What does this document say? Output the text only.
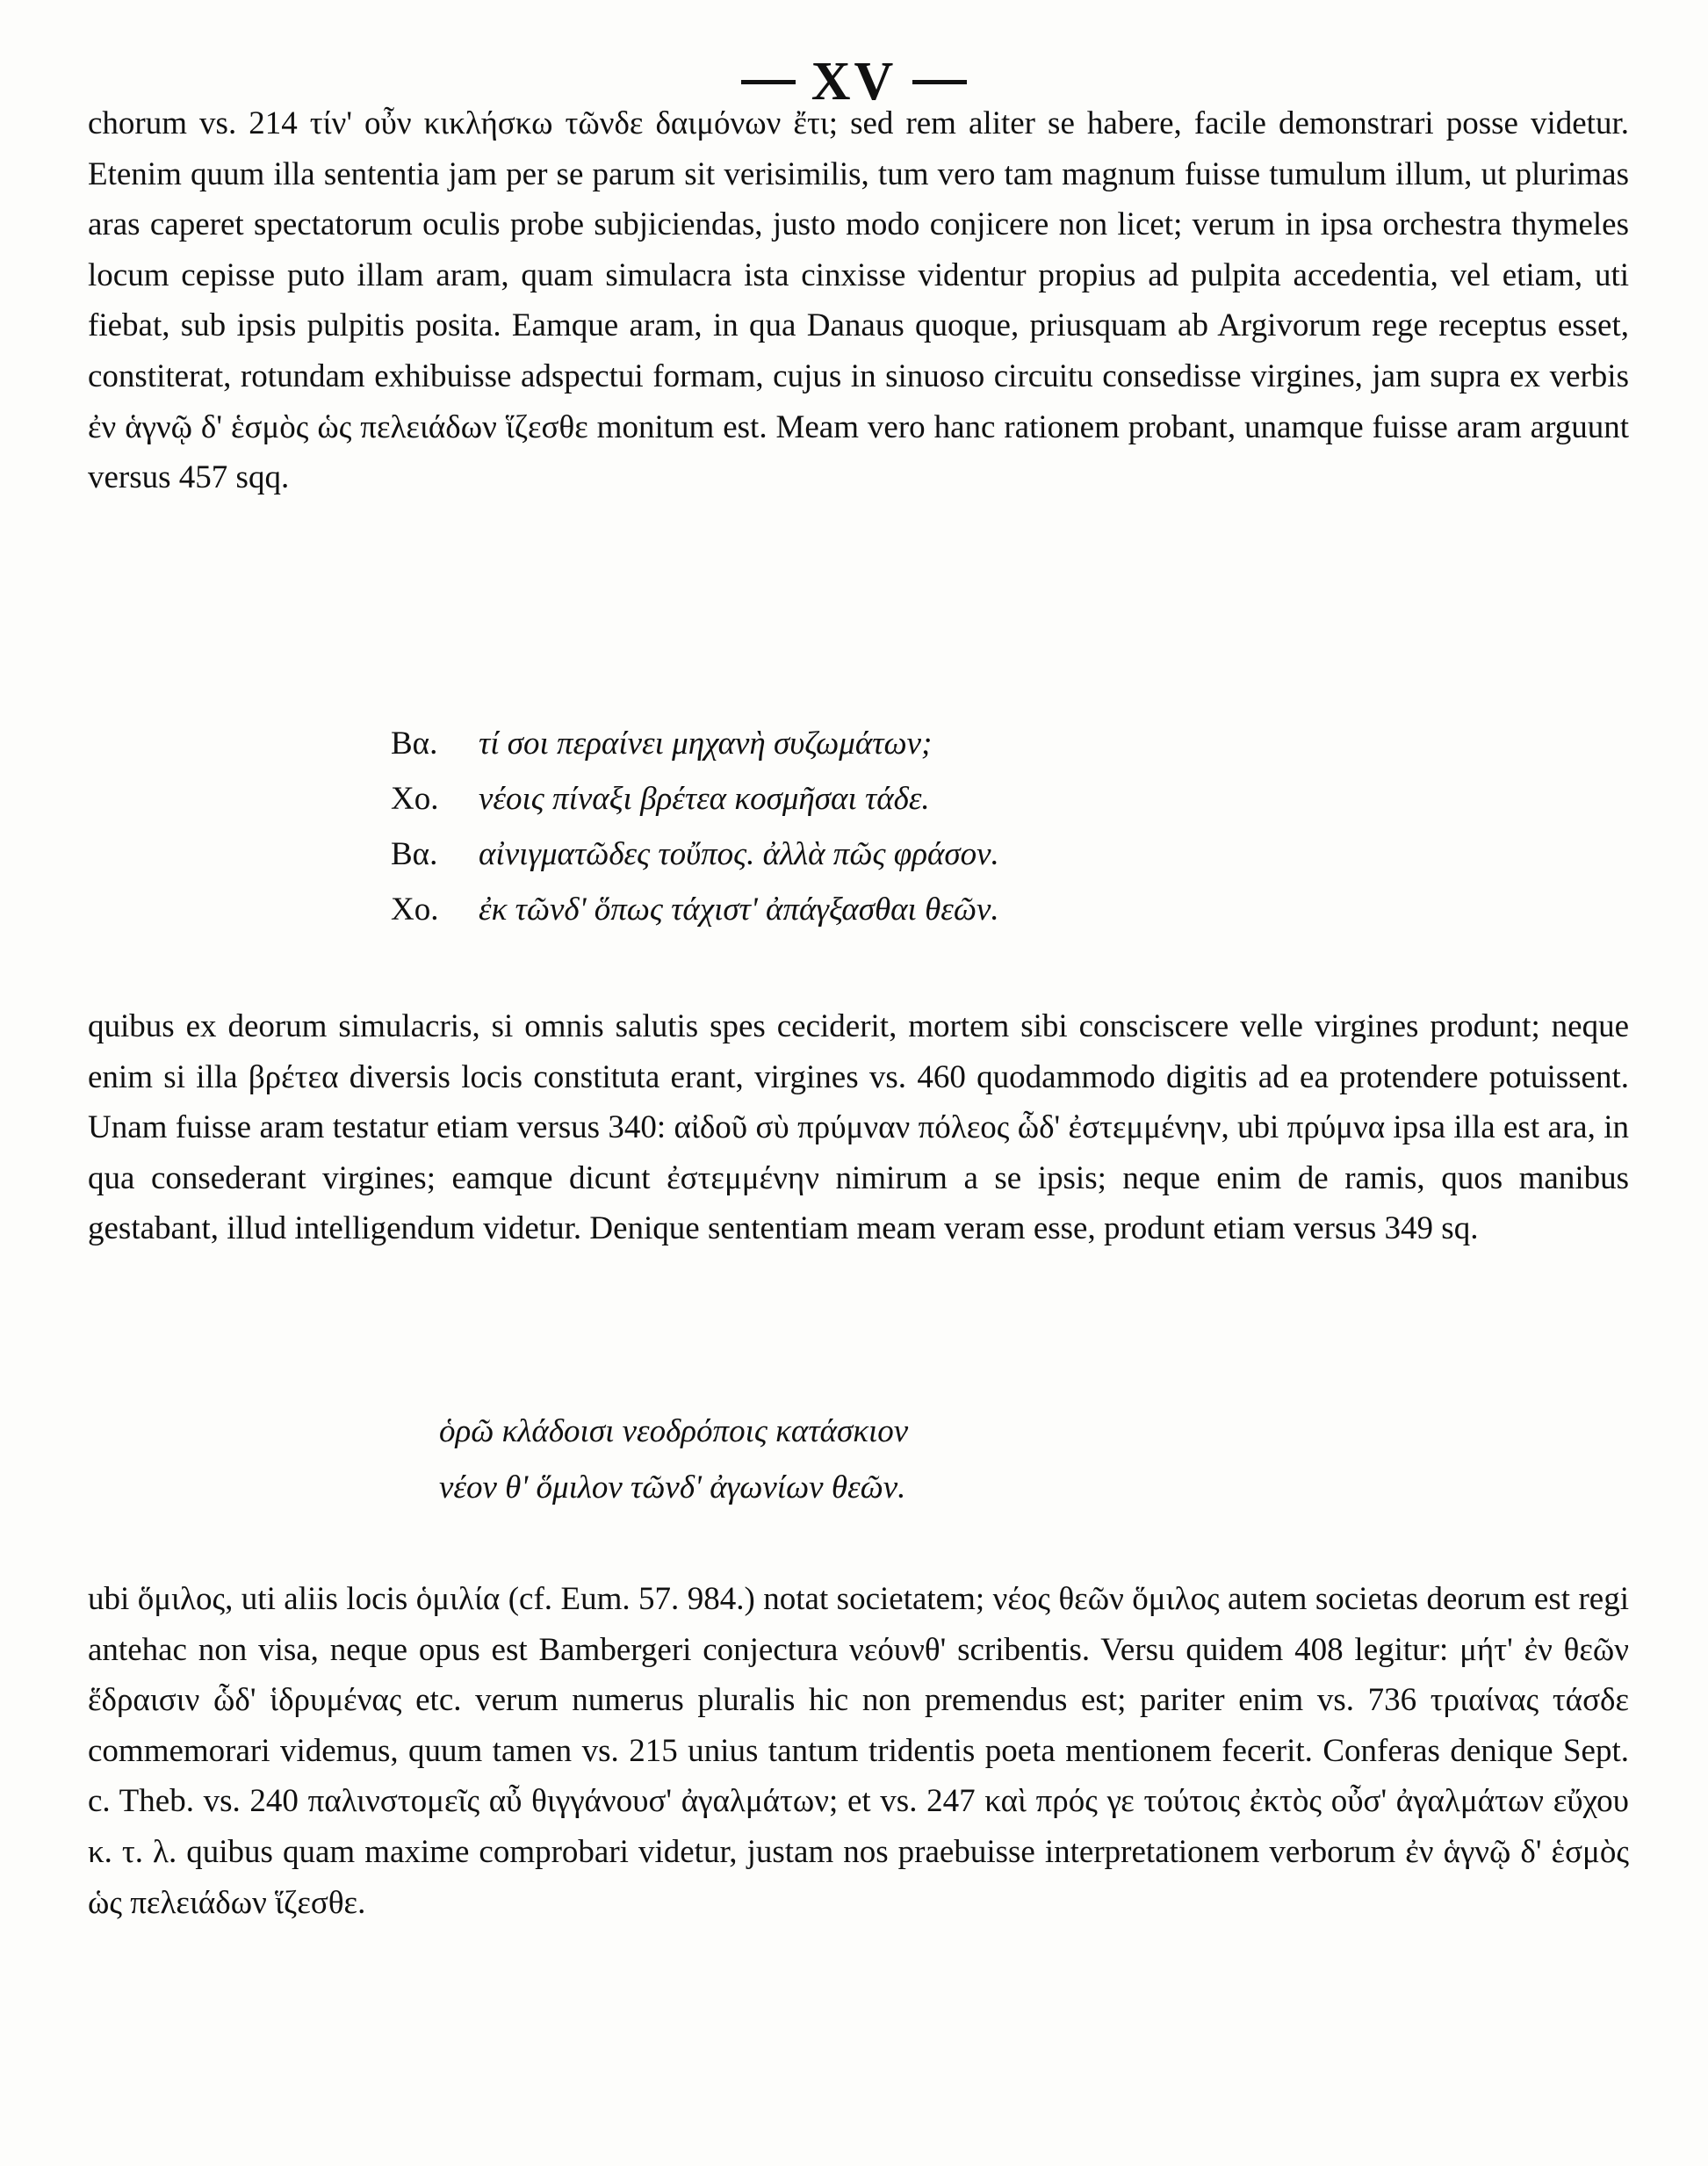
XV

chorum vs. 214 τίν' οὖν κικλήσκω τῶνδε δαιμόνων ἔτι; sed rem aliter se habere, facile demonstrari posse videtur. Etenim quum illa sententia jam per se parum sit verisimilis, tum vero tam magnum fuisse tumulum illum, ut plurimas aras caperet spectatorum oculis probe subjiciendas, justo modo conjicere non licet; verum in ipsa orchestra thymeles locum cepisse puto illam aram, quam simulacra ista cinxisse videntur propius ad pulpita accedentia, vel etiam, uti fiebat, sub ipsis pulpitis posita. Eamque aram, in qua Danaus quoque, priusquam ab Argivorum rege receptus esset, constiterat, rotundam exhibuisse adspectui formam, cujus in sinuoso circuitu consedisse virgines, jam supra ex verbis ἐν ἁγνῷ δ' ἑσμὸς ὡς πελειάδων ἵζεσθε monitum est. Meam vero hanc rationem probant, unamque fuisse aram arguunt versus 457 sqq.

Βα. τί σοι περαίνει μηχανὴ συζωμάτων;
Χο. νέοις πίναξι βρέτεα κοσμῆσαι τάδε.
Βα. αἰνιγματῶδες τοὔπος. ἀλλὰ πῶς φράσον.
Χο. ἐκ τῶνδ' ὅπως τάχιστ' ἀπάγξασθαι θεῶν.

quibus ex deorum simulacris, si omnis salutis spes ceciderit, mortem sibi consciscere velle virgines produnt; neque enim si illa βρέτεα diversis locis constituta erant, virgines vs. 460 quodammodo digitis ad ea protendere potuissent. Unam fuisse aram testatur etiam versus 340: αἰδοῦ σὺ πρύμναν πόλεος ὧδ' ἐστεμμένην, ubi πρύμνα ipsa illa est ara, in qua consederant virgines; eamque dicunt ἐστεμμένην nimirum a se ipsis; neque enim de ramis, quos manibus gestabant, illud intelligendum videtur. Denique sententiam meam veram esse, produnt etiam versus 349 sq.

ὁρῶ κλάδοισι νεοδρόποις κατάσκιον
νέον θ' ὅμιλον τῶνδ' ἀγωνίων θεῶν.

ubi ὅμιλος, uti aliis locis ὁμιλία (cf. Eum. 57. 984.) notat societatem; νέος θεῶν ὅμιλος autem societas deorum est regi antehac non visa, neque opus est Bambergeri conjectura νεόυνθ' scribentis. Versu quidem 408 legitur: μήτ' ἐν θεῶν ἕδραισιν ὧδ' ἱδρυμένας etc. verum numerus pluralis hic non premendus est; pariter enim vs. 736 τριαίνας τάσδε commemorari videmus, quum tamen vs. 215 unius tantum tridentis poeta mentionem fecerit. Conferas denique Sept. c. Theb. vs. 240 παλινστομεῖς αὖ θιγγάνουσ' ἀγαλμάτων; et vs. 247 καὶ πρός γε τούτοις ἐκτὸς οὖσ' ἀγαλμάτων εὔχου κ. τ. λ. quibus quam maxime comprobari videtur, justam nos praebuisse interpretationem verborum ἐν ἁγνῷ δ' ἑσμὸς ὡς πελειάδων ἵζεσθε.
